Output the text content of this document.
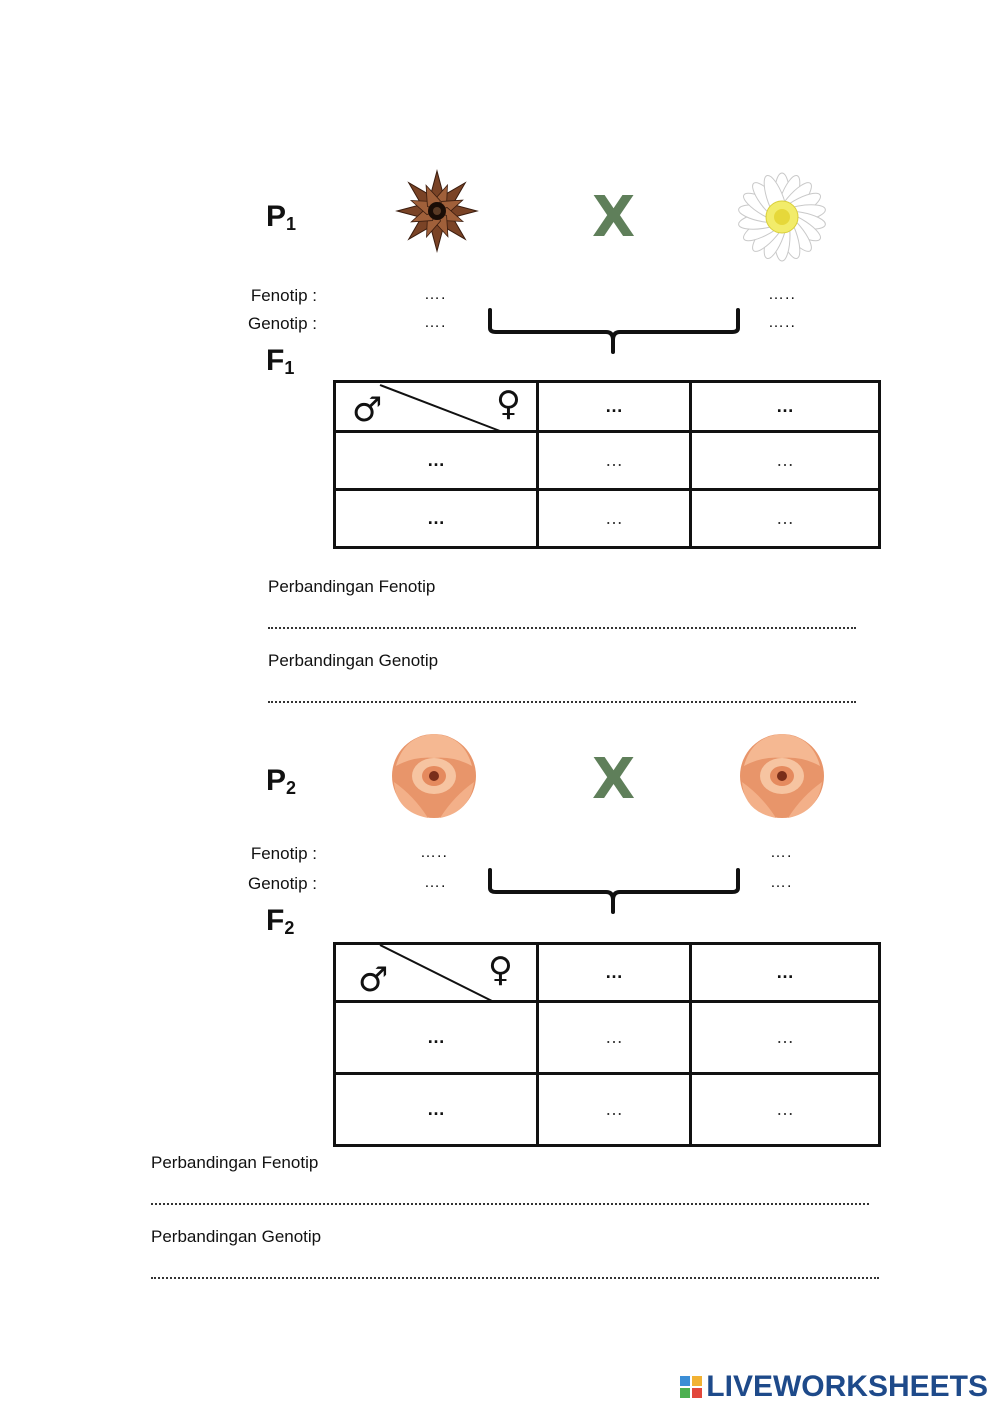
$P_1$	X
Fenotip :
Genotip :
….
….
…..
…..
$F_1$
♂ ♀	…	…
…	…	…
…	…	…
Perbandingan Fenotip
Perbandingan Genotip
$P_2$	X
Fenotip :
Genotip :
…..
….
….
….
$F_2$
♂ ♀	…	…
…	…	…
…	…	…
Perbandingan Fenotip
Perbandingan Genotip
LIVEWORKSHEETS
